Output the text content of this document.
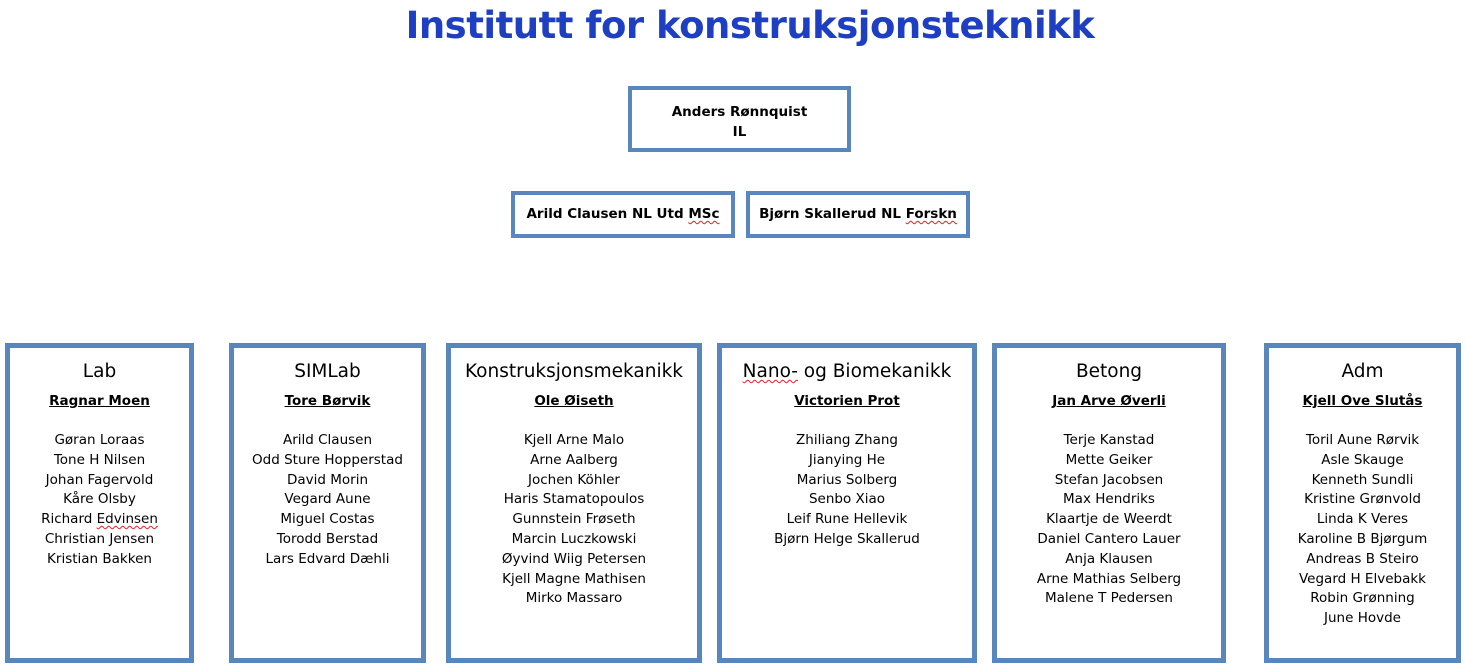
Institutt for konstruksjonsteknikk
Anders Rønnquist
IL
Arild Clausen NL Utd MSc	Bjørn Skallerud NL Forskn
Lab
Ragnar Moen
Gøran Loraas
Tone H Nilsen
Johan Fagervold
Kåre Olsby
Richard Edvinsen
Christian Jensen
Kristian Bakken
SIMLab
Tore Børvik
Arild Clausen
Odd Sture Hopperstad
David Morin
Vegard Aune
Miguel Costas
Torodd Berstad
Lars Edvard Dæhli
Konstruksjonsmekanikk
Ole Øiseth
Kjell Arne Malo
Arne Aalberg
Jochen Köhler
Haris Stamatopoulos
Gunnstein Frøseth
Marcin Luczkowski
Øyvind Wiig Petersen
Kjell Magne Mathisen
Mirko Massaro
Nano- og Biomekanikk
Victorien Prot
Zhiliang Zhang
Jianying He
Marius Solberg
Senbo Xiao
Leif Rune Hellevik
Bjørn Helge Skallerud
Betong
Jan Arve Øverli
Terje Kanstad
Mette Geiker
Stefan Jacobsen
Max Hendriks
Klaartje de Weerdt
Daniel Cantero Lauer
Anja Klausen
Arne Mathias Selberg
Malene T Pedersen
Adm
Kjell Ove Slutås
Toril Aune Rørvik
Asle Skauge
Kenneth Sundli
Kristine Grønvold
Linda K Veres
Karoline B Bjørgum
Andreas B Steiro
Vegard H Elvebakk
Robin Grønning
June Hovde
